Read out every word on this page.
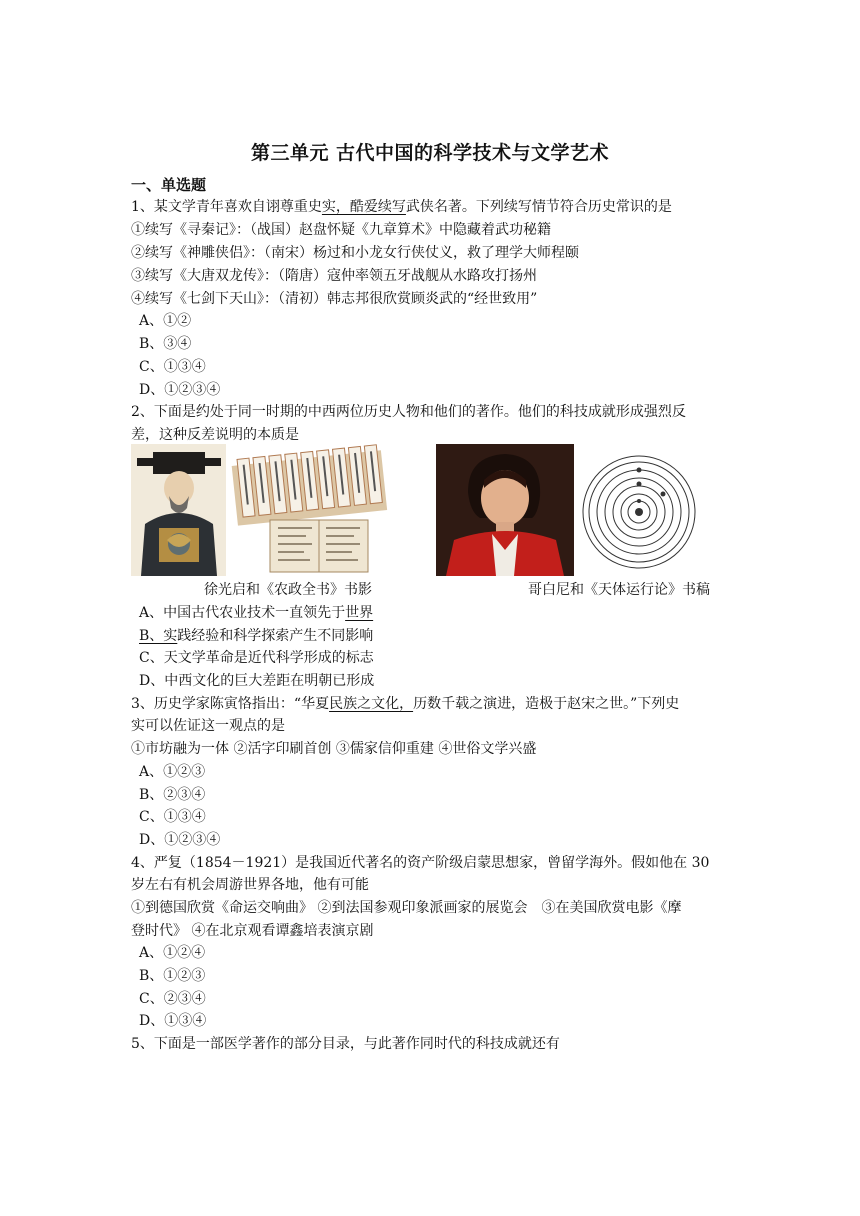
第三单元 古代中国的科学技术与文学艺术
一、单选题
1、某文学青年喜欢自诩尊重史实，酷爱续写武侠名著。下列续写情节符合历史常识的是
①续写《寻秦记》：（战国）赵盘怀疑《九章算术》中隐藏着武功秘籍
②续写《神雕侠侣》：（南宋）杨过和小龙女行侠仗义，救了理学大师程颐
③续写《大唐双龙传》：（隋唐）寇仲率领五牙战舰从水路攻打扬州
④续写《七剑下天山》：（清初）韩志邦很欣赏顾炎武的“经世致用”
A、①②
B、③④
C、①③④
D、①②③④
2、下面是约处于同一时期的中西两位历史人物和他们的著作。他们的科技成就形成强烈反
差，这种反差说明的本质是
徐光启和《农政全书》书影	哥白尼和《天体运行论》书稿
A、中国古代农业技术一直领先于世界
B、实践经验和科学探索产生不同影响
C、天文学革命是近代科学形成的标志
D、中西文化的巨大差距在明朝已形成
3、历史学家陈寅恪指出：“华夏民族之文化，历数千载之演进，造极于赵宋之世。”下列史
实可以佐证这一观点的是
①市坊融为一体 ②活字印刷首创 ③儒家信仰重建 ④世俗文学兴盛
A、①②③
B、②③④
C、①③④
D、①②③④
4、严复（1854－1921）是我国近代著名的资产阶级启蒙思想家，曾留学海外。假如他在 30
岁左右有机会周游世界各地，他有可能
①到德国欣赏《命运交响曲》 ②到法国参观印象派画家的展览会　③在美国欣赏电影《摩
登时代》 ④在北京观看谭鑫培表演京剧
A、①②④
B、①②③
C、②③④
D、①③④
5、下面是一部医学著作的部分目录，与此著作同时代的科技成就还有
